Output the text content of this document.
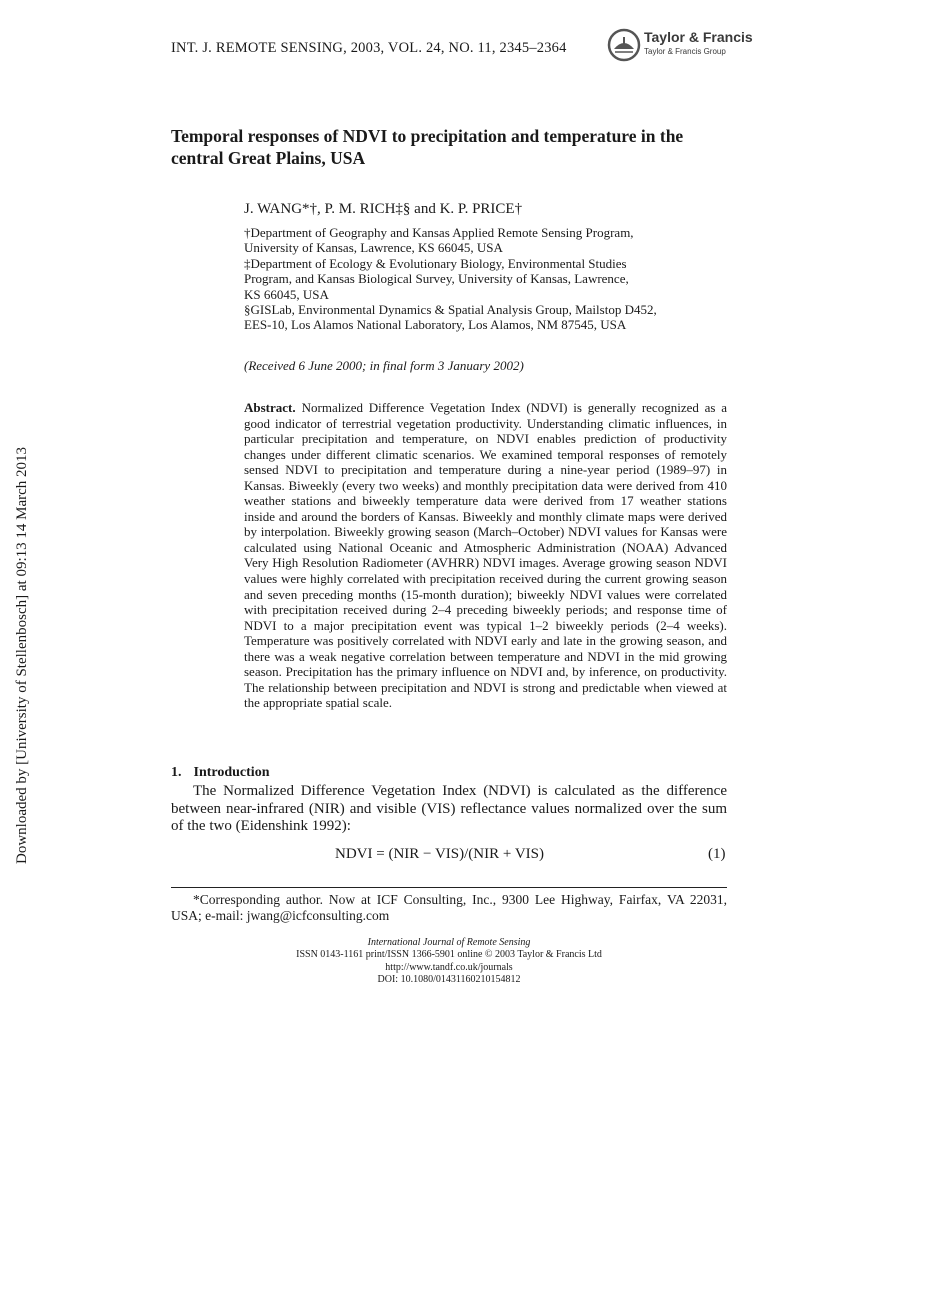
INT. J. REMOTE SENSING, 2003, VOL. 24, NO. 11, 2345–2364
Taylor & Francis
Taylor & Francis Group
Temporal responses of NDVI to precipitation and temperature in the central Great Plains, USA
J. WANG*†, P. M. RICH‡§ and K. P. PRICE†
†Department of Geography and Kansas Applied Remote Sensing Program,
University of Kansas, Lawrence, KS 66045, USA
‡Department of Ecology & Evolutionary Biology, Environmental Studies
Program, and Kansas Biological Survey, University of Kansas, Lawrence,
KS 66045, USA
§GISLab, Environmental Dynamics & Spatial Analysis Group, Mailstop D452,
EES-10, Los Alamos National Laboratory, Los Alamos, NM 87545, USA
(Received 6 June 2000; in final form 3 January 2002)
Abstract. Normalized Difference Vegetation Index (NDVI) is generally recognized as a good indicator of terrestrial vegetation productivity. Understanding climatic influences, in particular precipitation and temperature, on NDVI enables prediction of productivity changes under different climatic scenarios. We examined temporal responses of remotely sensed NDVI to precipitation and temperature during a nine-year period (1989–97) in Kansas. Biweekly (every two weeks) and monthly precipitation data were derived from 410 weather stations and biweekly temperature data were derived from 17 weather stations inside and around the borders of Kansas. Biweekly and monthly climate maps were derived by interpolation. Biweekly growing season (March–October) NDVI values for Kansas were calculated using National Oceanic and Atmospheric Administration (NOAA) Advanced Very High Resolution Radiometer (AVHRR) NDVI images. Average growing season NDVI values were highly correlated with precipitation received during the current growing season and seven preceding months (15-month duration); biweekly NDVI values were correlated with precipitation received during 2–4 preceding biweekly periods; and response time of NDVI to a major precipitation event was typical 1–2 biweekly periods (2–4 weeks). Temperature was positively correlated with NDVI early and late in the growing season, and there was a weak negative correlation between temperature and NDVI in the mid growing season. Precipitation has the primary influence on NDVI and, by inference, on productivity. The relationship between precipitation and NDVI is strong and predictable when viewed at the appropriate spatial scale.
1. Introduction
The Normalized Difference Vegetation Index (NDVI) is calculated as the difference between near-infrared (NIR) and visible (VIS) reflectance values normalized over the sum of the two (Eidenshink 1992):
NDVI = (NIR − VIS)/(NIR + VIS)	(1)
*Corresponding author. Now at ICF Consulting, Inc., 9300 Lee Highway, Fairfax, VA 22031, USA; e-mail: jwang@icfconsulting.com
International Journal of Remote Sensing
ISSN 0143-1161 print/ISSN 1366-5901 online © 2003 Taylor & Francis Ltd
http://www.tandf.co.uk/journals
DOI: 10.1080/01431160210154812
Downloaded by [University of Stellenbosch] at 09:13 14 March 2013
